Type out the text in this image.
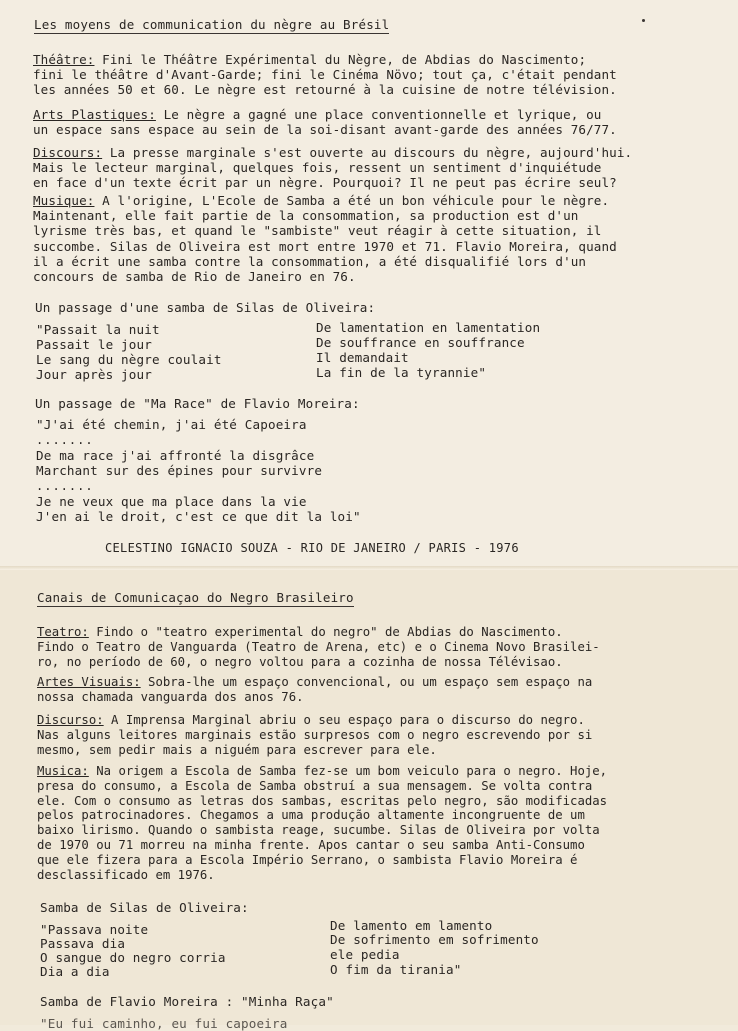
Les moyens de communication du nègre au Brésil
Théâtre: Fini le Théâtre Expérimental du Nègre, de Abdias do Nascimento;
fini le théâtre d'Avant-Garde; fini le Cinéma Növo; tout ça, c'était pendant
les années 50 et 60. Le nègre est retourné à la cuisine de notre télévision.
Arts Plastiques: Le nègre a gagné une place conventionnelle et lyrique, ou
un espace sans espace au sein de la soi-disant avant-garde des années 76/77.
Discours: La presse marginale s'est ouverte au discours du nègre, aujourd'hui.
Mais le lecteur marginal, quelques fois, ressent un sentiment d'inquiétude
en face d'un texte écrit par un nègre. Pourquoi? Il ne peut pas écrire seul?
Musique: A l'origine, L'Ecole de Samba a été un bon véhicule pour le nègre.
Maintenant, elle fait partie de la consommation, sa production est d'un
lyrisme très bas, et quand le "sambiste" veut réagir à cette situation, il
succombe. Silas de Oliveira est mort entre 1970 et 71. Flavio Moreira, quand
il a écrit une samba contre la consommation, a été disqualifié lors d'un
concours de samba de Rio de Janeiro en 76.
Un passage d'une samba de Silas de Oliveira:
"Passait la nuit
Passait le jour
Le sang du nègre coulait
Jour après jour
De lamentation en lamentation
De souffrance en souffrance
Il demandait
La fin de la tyrannie"
Un passage de "Ma Race" de Flavio Moreira:
"J'ai été chemin, j'ai été Capoeira
.......
De ma race j'ai affronté la disgrâce
Marchant sur des épines pour survivre
.......
Je ne veux que ma place dans la vie
J'en ai le droit, c'est ce que dit la loi"
CELESTINO IGNACIO SOUZA - RIO DE JANEIRO / PARIS - 1976
Canais de Comunicaçao do Negro Brasileiro
Teatro: Findo o "teatro experimental do negro" de Abdias do Nascimento.
Findo o Teatro de Vanguarda (Teatro de Arena, etc) e o Cinema Novo Brasilei-
ro, no período de 60, o negro voltou para a cozinha de nossa Télévisao.
Artes Visuais: Sobra-lhe um espaço convencional, ou um espaço sem espaço na
nossa chamada vanguarda dos anos 76.
Discurso: A Imprensa Marginal abriu o seu espaço para o discurso do negro.
Nas alguns leitores marginais estão surpresos com o negro escrevendo por si
mesmo, sem pedir mais a niguém para escrever para ele.
Musica: Na origem a Escola de Samba fez-se um bom veiculo para o negro. Hoje,
presa do consumo, a Escola de Samba obstruí a sua mensagem. Se volta contra
ele. Com o consumo as letras dos sambas, escritas pelo negro, são modificadas
pelos patrocinadores. Chegamos a uma produção altamente incongruente de um
baixo lirismo. Quando o sambista reage, sucumbe. Silas de Oliveira por volta
de 1970 ou 71 morreu na minha frente. Apos cantar o seu samba Anti-Consumo
que ele fizera para a Escola Império Serrano, o sambista Flavio Moreira é
desclassificado em 1976.
Samba de Silas de Oliveira:
"Passava noite
Passava dia
O sangue do negro corria
Dia a dia
De lamento em lamento
De sofrimento em sofrimento
ele pedia
O fim da tirania"
Samba de Flavio Moreira : "Minha Raça"
"Eu fui caminho, eu fui capoeira
